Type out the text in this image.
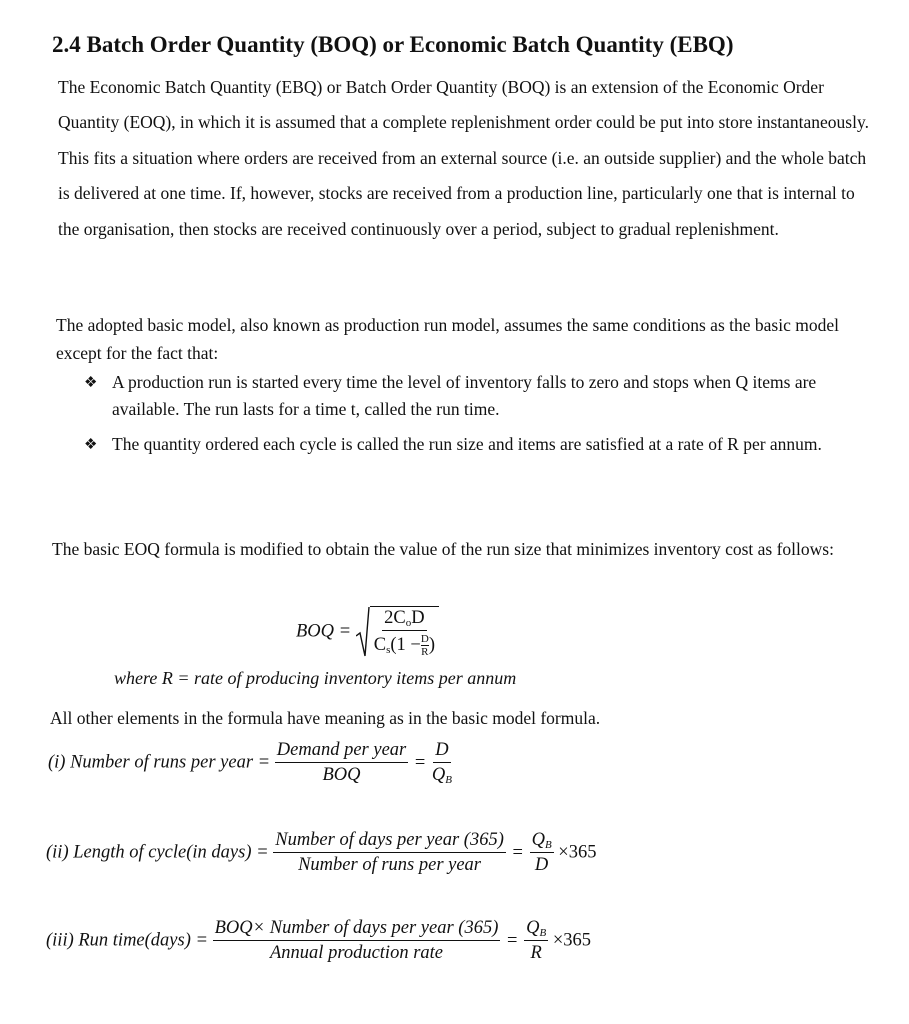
2.4 Batch Order Quantity (BOQ) or Economic Batch Quantity (EBQ)

The Economic Batch Quantity (EBQ) or Batch Order Quantity (BOQ) is an extension of the Economic Order Quantity (EOQ), in which it is assumed that a complete replenishment order could be put into store instantaneously. This fits a situation where orders are received from an external source (i.e. an outside supplier) and the whole batch is delivered at one time. If, however, stocks are received from a production line, particularly one that is internal to the organisation, then stocks are received continuously over a period, subject to gradual replenishment.

The adopted basic model, also known as production run model, assumes the same conditions as the basic model except for the fact that:

❖ A production run is started every time the level of inventory falls to zero and stops when Q items are available. The run lasts for a time t, called the run time.
❖ The quantity ordered each cycle is called the run size and items are satisfied at a rate of R per annum.

The basic EOQ formula is modified to obtain the value of the run size that minimizes inventory cost as follows:

BOQ = $\frac{2C_oD}{C_s(1 - \frac{D}{R} )}$
where R = rate of producing inventory items per annum

All other elements in the formula have meaning as in the basic model formula.

(i) Number of runs per year = $\frac{\text{Demand per year}}{\text{BOQ}} = \frac{D}{Q_B}$
(ii) Length of cycle(in days) = $\frac{\text{Number of days per year (365)}}{\text{Number of runs per year}} = \frac{Q_B}{D} \times 365$
(iii) Run time(days) = $\frac{\text{BOQ× Number of days per year (365)}}{\text{Annual production rate}} = \frac{Q_B}{R} \times 365$
